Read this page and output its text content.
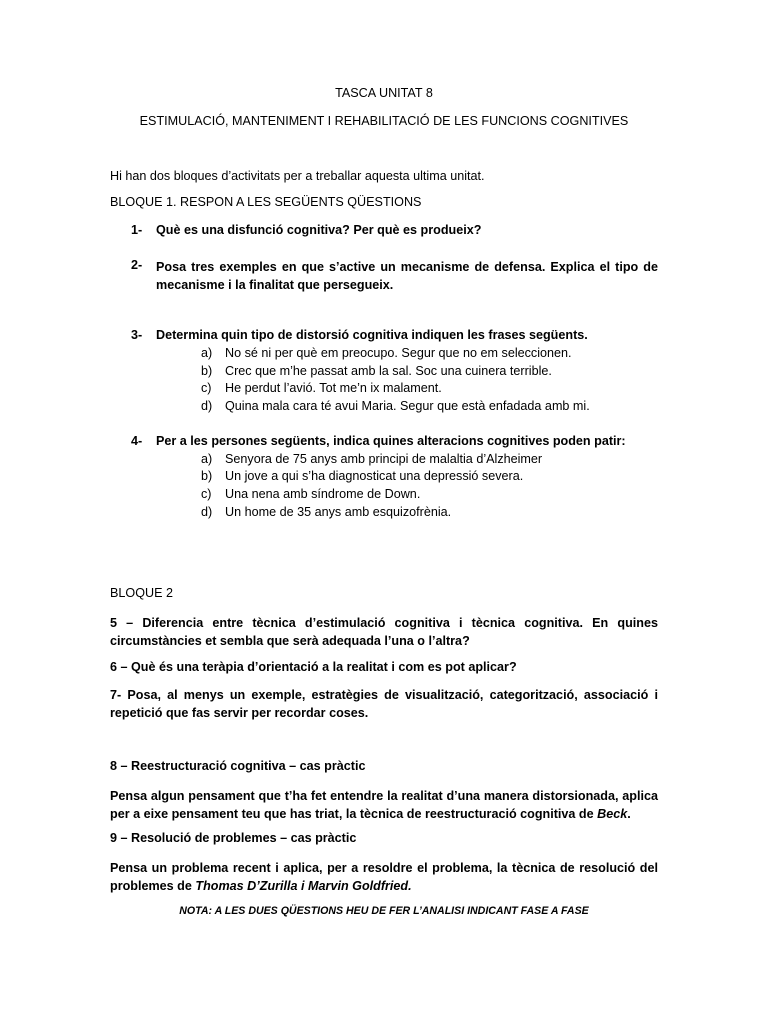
TASCA UNITAT 8
ESTIMULACIÓ, MANTENIMENT I REHABILITACIÓ DE LES FUNCIONS COGNITIVES
Hi han dos bloques d’activitats per a treballar aquesta ultima unitat.
BLOQUE 1. RESPON A LES SEGÜENTS QÜESTIONS
1- Què es una disfunció cognitiva? Per què es produeix?
2- Posa tres exemples en que s’active un mecanisme de defensa. Explica el tipo de mecanisme i la finalitat que persegueix.
3- Determina quin tipo de distorsió cognitiva indiquen les frases següents.
a) No sé ni per què em preocupo. Segur que no em seleccionen.
b) Crec que m’he passat amb la sal. Soc una cuinera terrible.
c) He perdut l’avió. Tot me’n ix malament.
d) Quina mala cara té avui Maria. Segur que està enfadada amb mi.
4- Per a les persones següents, indica quines alteracions cognitives poden patir:
a) Senyora de 75 anys amb principi de malaltia d’Alzheimer
b) Un jove a qui s’ha diagnosticat una depressió severa.
c) Una nena amb síndrome de Down.
d) Un home de 35 anys amb esquizofrènia.
BLOQUE 2
5 – Diferencia entre tècnica d’estimulació cognitiva i tècnica cognitiva. En quines circumstàncies et sembla que serà adequada l’una o l’altra?
6 – Què és una teràpia d’orientació a la realitat i com es pot aplicar?
7- Posa, al menys un exemple, estratègies de visualització, categorització, associació i repetició que fas servir per recordar coses.
8 – Reestructuració cognitiva – cas pràctic
Pensa algun pensament que t’ha fet entendre la realitat d’una manera distorsionada, aplica per a eixe pensament teu que has triat, la tècnica de reestructuració cognitiva de Beck.
9 – Resolució de problemes – cas pràctic
Pensa un problema recent i aplica, per a resoldre el problema, la tècnica de resolució del problemes de Thomas D’Zurilla i Marvin Goldfried.
NOTA: A LES DUES QÜESTIONS HEU DE FER L’ANALISI INDICANT FASE A FASE
